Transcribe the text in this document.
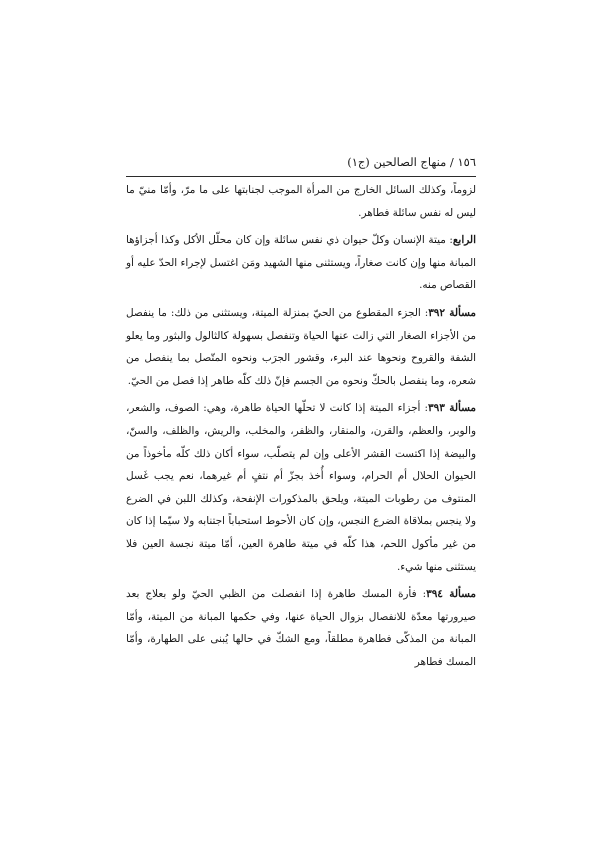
١٥٦ / منهاج الصالحين (ج١)

لزوماً، وكذلك السائل الخارج من المرأة الموجب لجنابتها على ما مرّ، وأمّا منيّ ما ليس له نفس سائلة فطاهر.

الرابع: ميتة الإنسان وكلّ حيوان ذي نفس سائلة وإن كان محلّل الأكل وكذا أجزاؤها المبانة منها وإن كانت صغاراً، ويستثنى منها الشهيد ومَن اغتسل لإجراء الحدّ عليه أو القصاص منه.

مسألة ٣٩٢: الجزء المقطوع من الحيّ بمنزلة الميتة، ويستثنى من ذلك: ما ينفصل من الأجزاء الصغار التي زالت عنها الحياة وتنفصل بسهولة كالثالول والبثور وما يعلو الشفة والقروح ونحوها عند البرء، وقشور الجرَب ونحوه المتّصل بما ينفصل من شعره، وما ينفصل بالحكّ ونحوه من الجسم فإنّ ذلك كلّه طاهر إذا فصل من الحيّ.

مسألة ٣٩٣: أجزاء الميتة إذا كانت لا تحلّها الحياة طاهرة، وهي: الصوف، والشعر، والوبر، والعظم، والقرن، والمنقار، والظفر، والمخلب، والريش، والظلف، والسنّ، والبيضة إذا اكتست القشر الأعلى وإن لم يتصلّب، سواء أكان ذلك كلّه مأخوذاً من الحيوان الحلال أم الحرام، وسواء أُخذ بجزّ أم نتفٍ أم غيرهما، نعم يجب غَسل المنتوف من رطوبات الميتة، ويلحق بالمذكورات الإنفحة، وكذلك اللبن في الضرع ولا ينجس بملاقاة الضرع النجس، وإن كان الأحوط استحباباً اجتنابه ولا سيّما إذا كان من غير مأكول اللحم، هذا كلّه في ميتة طاهرة العين، أمّا ميتة نجسة العين فلا يستثنى منها شيء.

مسألة ٣٩٤: فأرة المسك طاهرة إذا انفصلت من الظبي الحيّ ولو بعلاج بعد صيرورتها معدّة للانفصال بزوال الحياة عنها، وفي حكمها المبانة من الميتة، وأمّا المبانة من المذكّى فطاهرة مطلقاً، ومع الشكّ في حالها يُبنى على الطهارة، وأمّا المسك فطاهر
